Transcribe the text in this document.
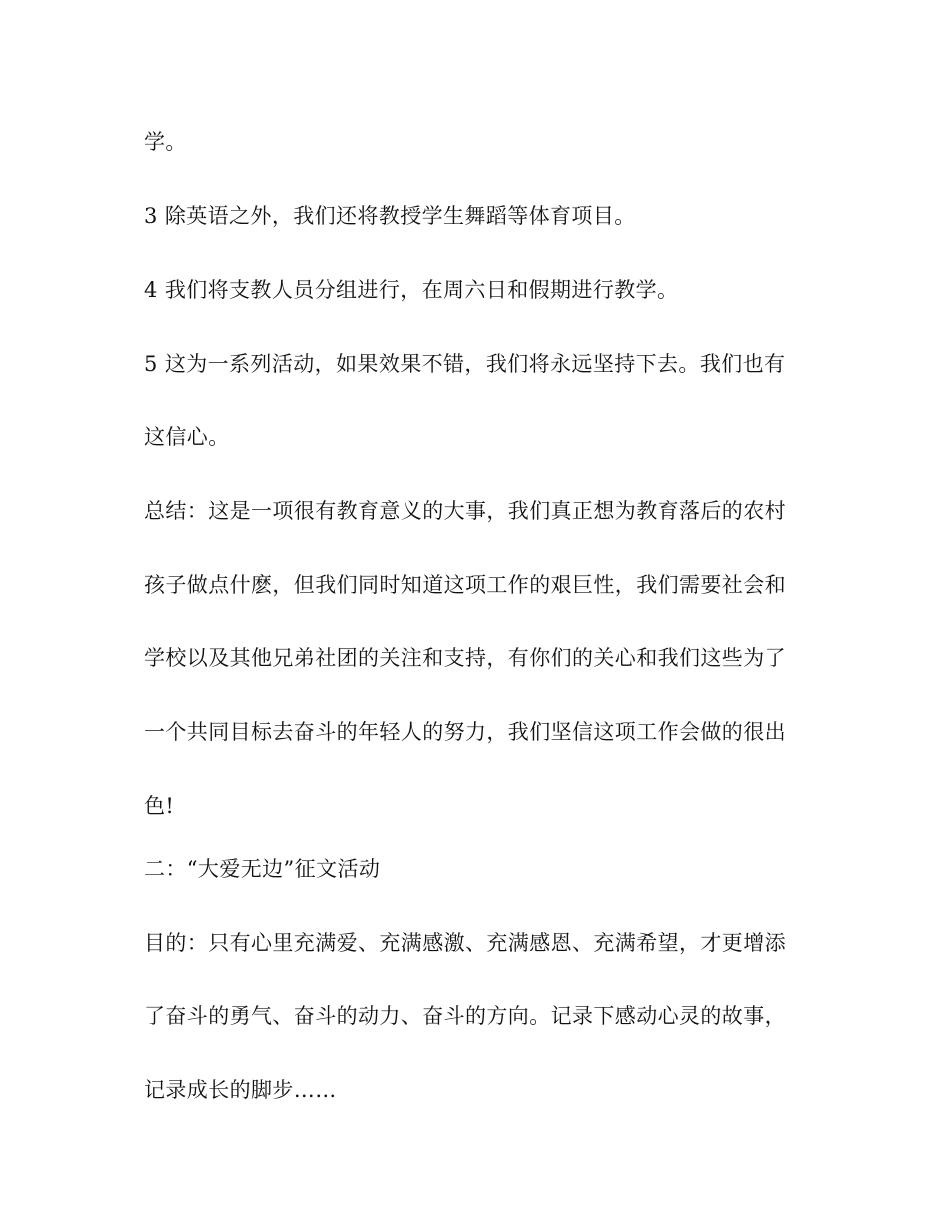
学。
3 除英语之外，我们还将教授学生舞蹈等体育项目。
4 我们将支教人员分组进行，在周六日和假期进行教学。
5 这为一系列活动，如果效果不错，我们将永远坚持下去。我们也有
这信心。
总结：这是一项很有教育意义的大事，我们真正想为教育落后的农村
孩子做点什麽，但我们同时知道这项工作的艰巨性，我们需要社会和
学校以及其他兄弟社团的关注和支持，有你们的关心和我们这些为了
一个共同目标去奋斗的年轻人的努力，我们坚信这项工作会做的很出
色!
二：“大爱无边”征文活动
目的：只有心里充满爱、充满感激、充满感恩、充满希望，才更增添
了奋斗的勇气、奋斗的动力、奋斗的方向。记录下感动心灵的故事，
记录成长的脚步……
